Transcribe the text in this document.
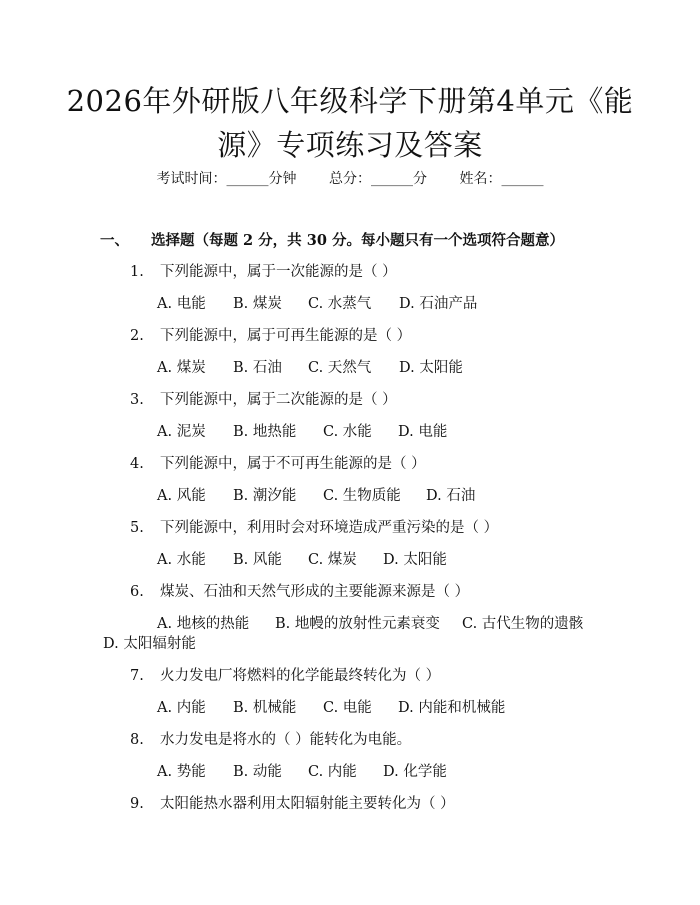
2026年外研版八年级科学下册第4单元《能
源》专项练习及答案
考试时间：______分钟 总分：______分 姓名：______
一、 选择题（每题 2 分，共 30 分。每小题只有一个选项符合题意）
1. 下列能源中，属于一次能源的是（ ）
A. 电能 B. 煤炭 C. 水蒸气 D. 石油产品
2. 下列能源中，属于可再生能源的是（ ）
A. 煤炭 B. 石油 C. 天然气 D. 太阳能
3. 下列能源中，属于二次能源的是（ ）
A. 泥炭 B. 地热能 C. 水能 D. 电能
4. 下列能源中，属于不可再生能源的是（ ）
A. 风能 B. 潮汐能 C. 生物质能 D. 石油
5. 下列能源中，利用时会对环境造成严重污染的是（ ）
A. 水能 B. 风能 C. 煤炭 D. 太阳能
6. 煤炭、石油和天然气形成的主要能源来源是（ ）
A. 地核的热能 B. 地幔的放射性元素衰变 C. 古代生物的遗骸
D. 太阳辐射能
7. 火力发电厂将燃料的化学能最终转化为（ ）
A. 内能 B. 机械能 C. 电能 D. 内能和机械能
8. 水力发电是将水的（ ）能转化为电能。
A. 势能 B. 动能 C. 内能 D. 化学能
9. 太阳能热水器利用太阳辐射能主要转化为（ ）
